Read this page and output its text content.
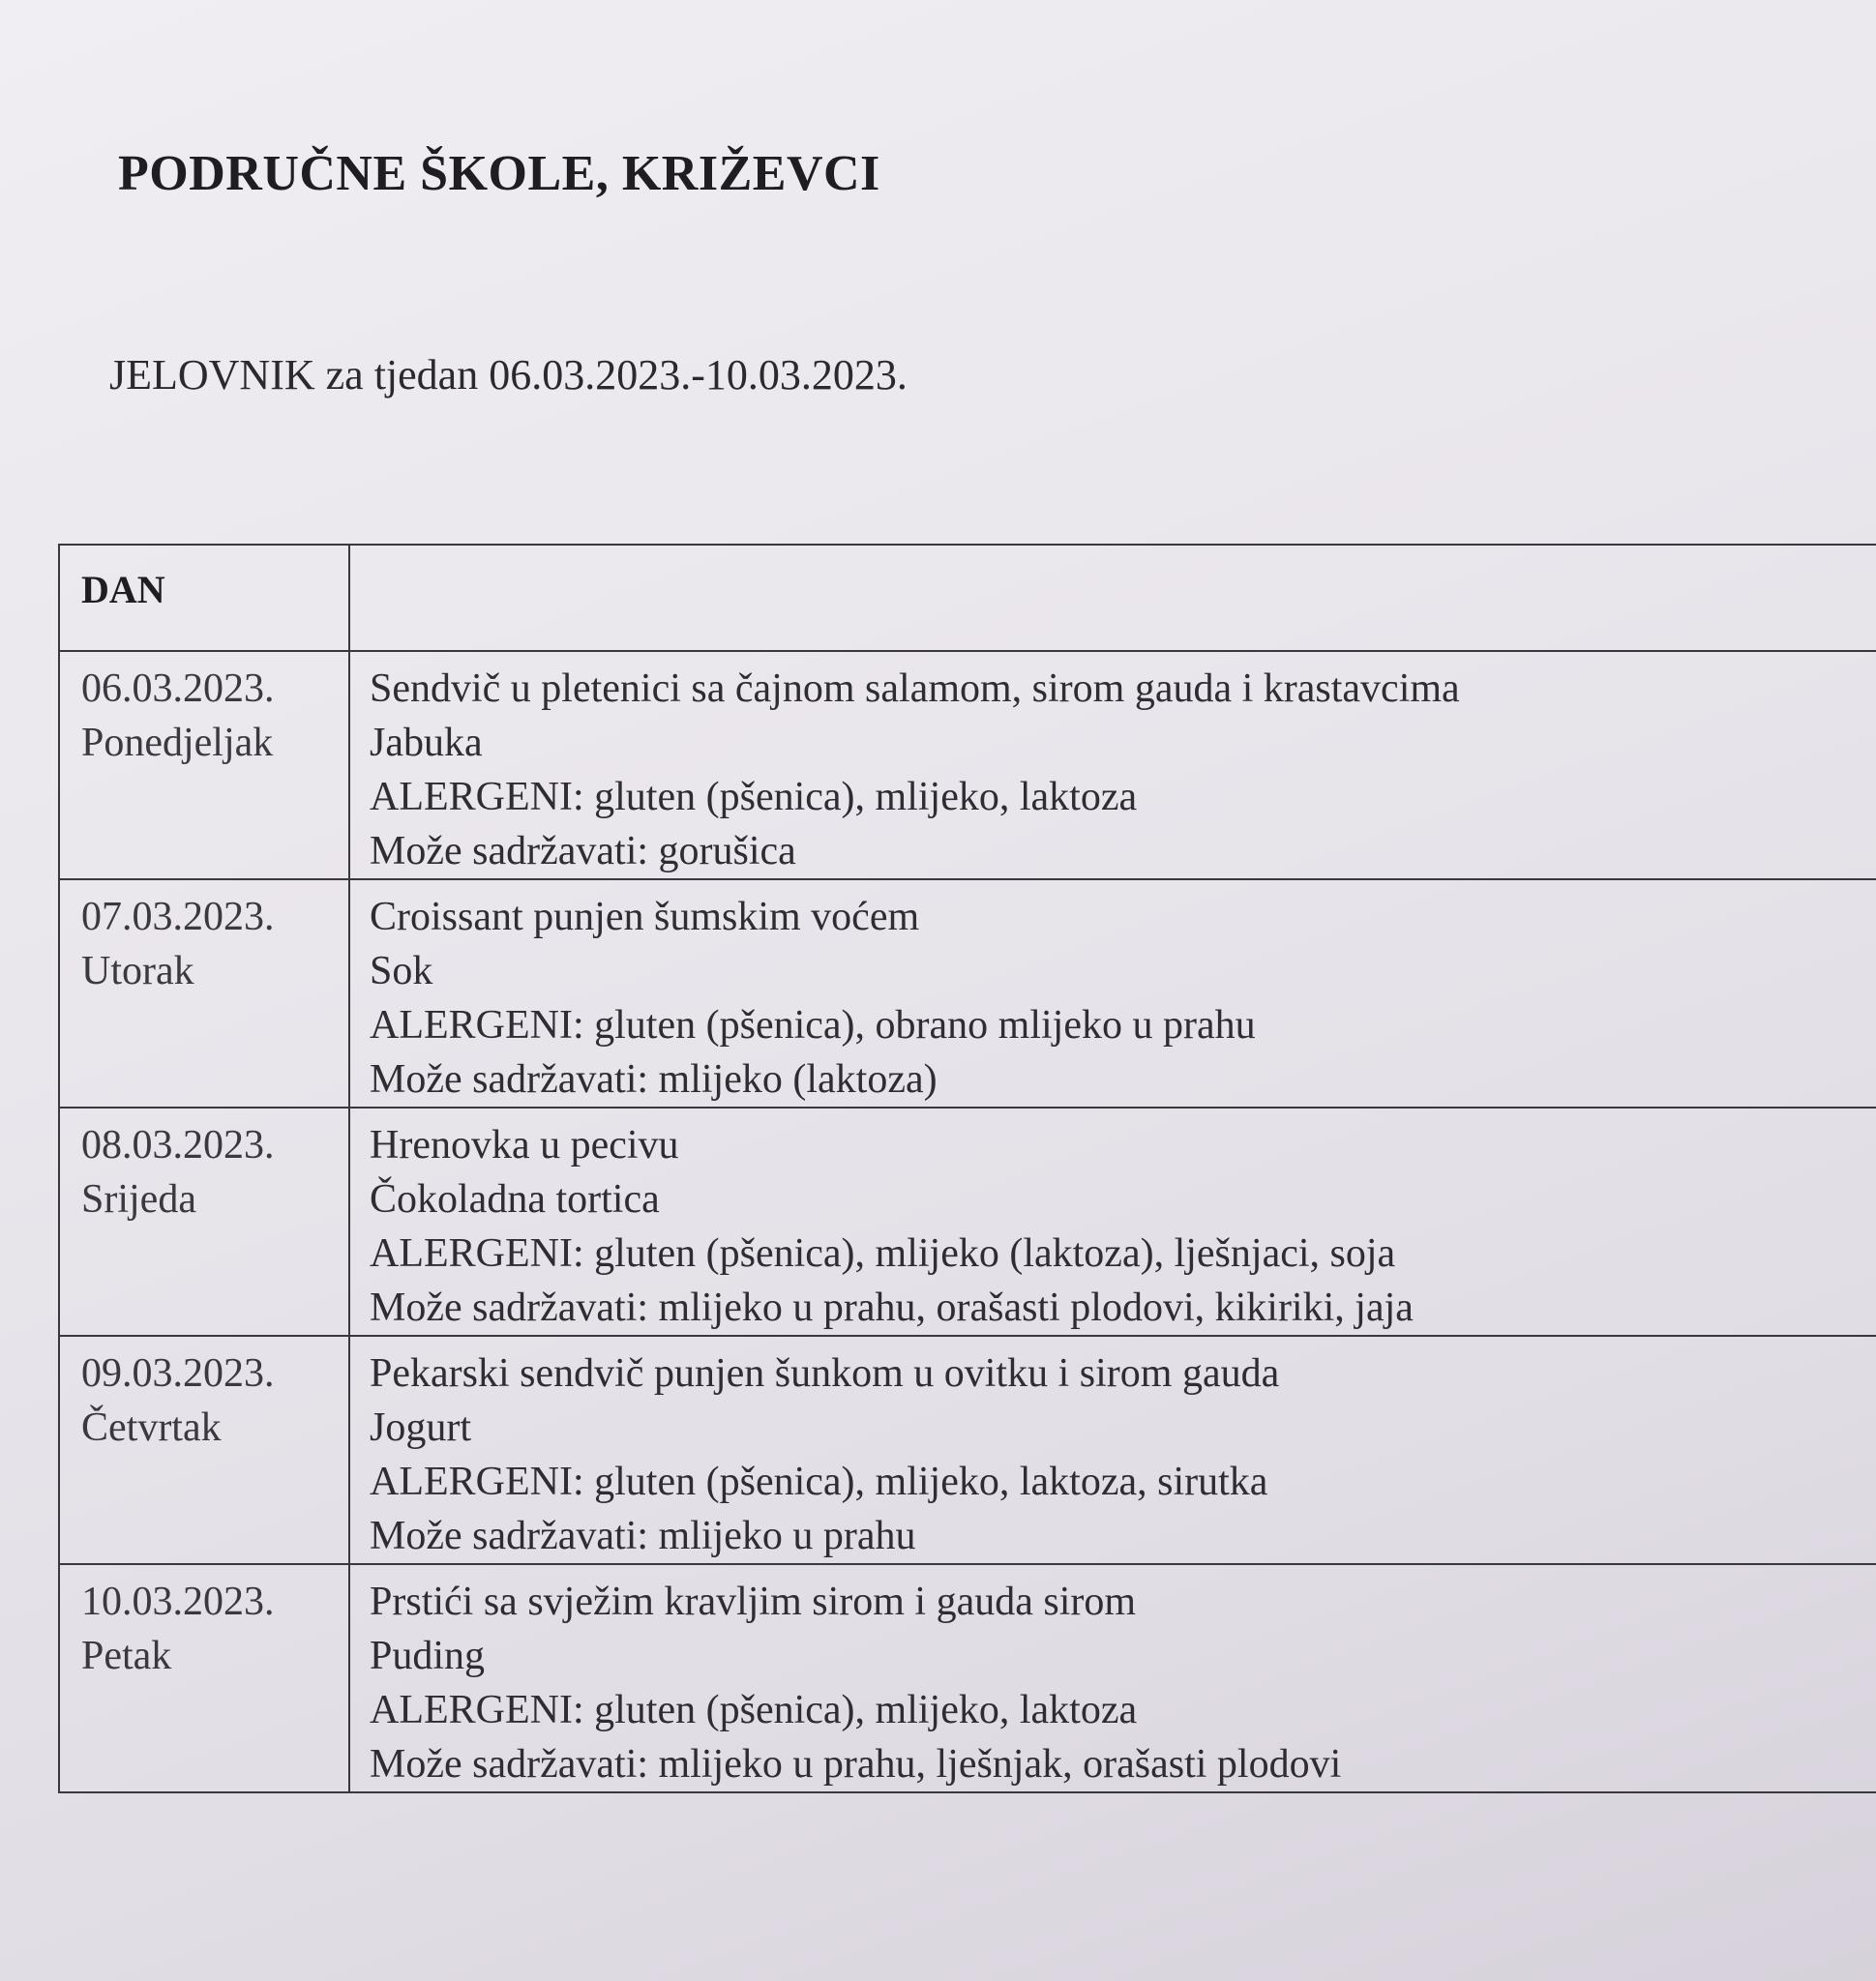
PODRUČNE ŠKOLE, KRIŽEVCI

JELOVNIK za tjedan 06.03.2023.-10.03.2023.

DAN	

06.03.2023.
Ponedjeljak	Sendvič u pletenici sa čajnom salamom, sirom gauda i krastavcima
Jabuka
ALERGENI: gluten (pšenica), mlijeko, laktoza
Može sadržavati: gorušica

07.03.2023.
Utorak	Croissant punjen šumskim voćem
Sok
ALERGENI: gluten (pšenica), obrano mlijeko u prahu
Može sadržavati: mlijeko (laktoza)

08.03.2023.
Srijeda	Hrenovka u pecivu
Čokoladna tortica
ALERGENI: gluten (pšenica), mlijeko (laktoza), lješnjaci, soja
Može sadržavati: mlijeko u prahu, orašasti plodovi, kikiriki, jaja

09.03.2023.
Četvrtak	Pekarski sendvič punjen šunkom u ovitku i sirom gauda
Jogurt
ALERGENI: gluten (pšenica), mlijeko, laktoza, sirutka
Može sadržavati: mlijeko u prahu

10.03.2023.
Petak	Prstići sa svježim kravljim sirom i gauda sirom
Puding
ALERGENI: gluten (pšenica), mlijeko, laktoza
Može sadržavati: mlijeko u prahu, lješnjak, orašasti plodovi
